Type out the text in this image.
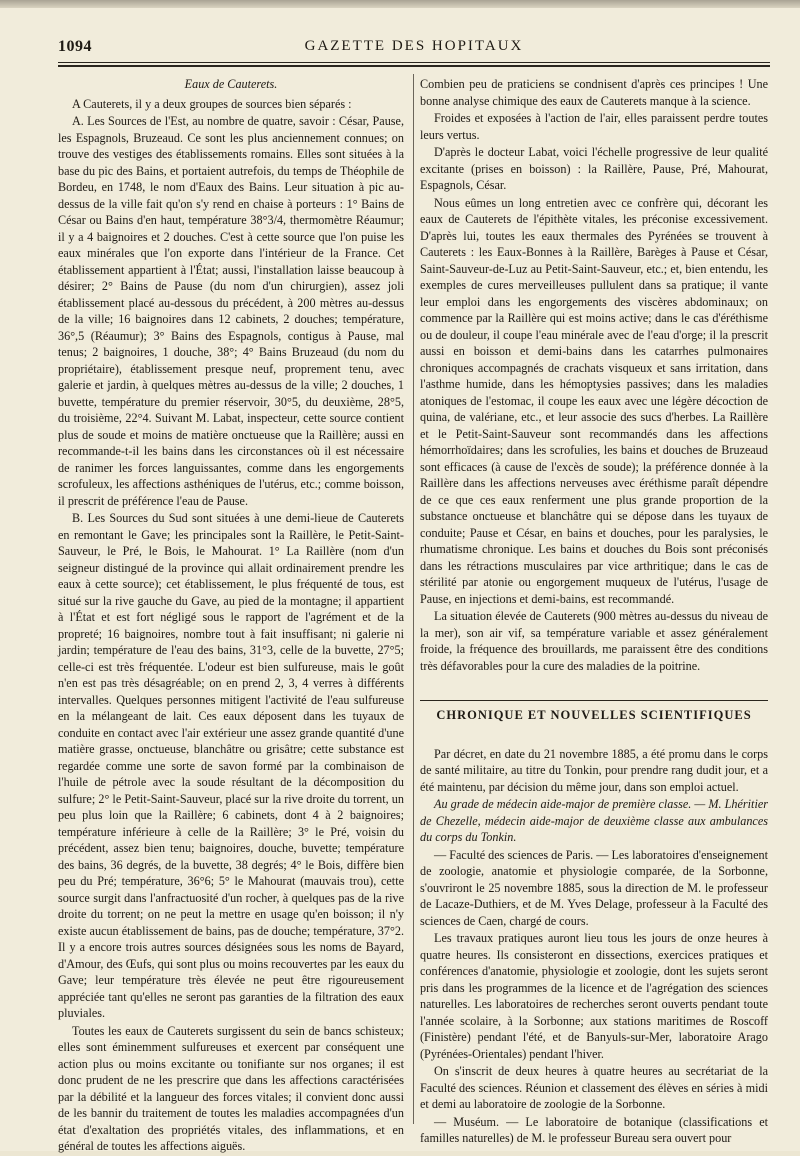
1094	GAZETTE DES HOPITAUX
Eaux de Cauterets.

A Cauterets, il y a deux groupes de sources bien séparés :

A. Les Sources de l'Est, au nombre de quatre, savoir : César, Pause, les Espagnols, Bruzeaud. Ce sont les plus anciennement connues; on trouve des vestiges des établissements romains. Elles sont situées à la base du pic des Bains, et portaient autrefois, du temps de Théophile de Bordeu, en 1748, le nom d'Eaux des Bains. Leur situation à pic au-dessus de la ville fait qu'on s'y rend en chaise à porteurs : 1° Bains de César ou Bains d'en haut, température 38°3/4, thermomètre Réaumur; il y a 4 baignoires et 2 douches. C'est à cette source que l'on puise les eaux minérales que l'on exporte dans l'intérieur de la France. Cet établissement appartient à l'État; aussi, l'installation laisse beaucoup à désirer; 2° Bains de Pause (du nom d'un chirurgien), assez joli établissement placé au-dessous du précédent, à 200 mètres au-dessus de la ville; 16 baignoires dans 12 cabinets, 2 douches; température, 36°,5 (Réaumur); 3° Bains des Espagnols, contigus à Pause, mal tenus; 2 baignoires, 1 douche, 38°; 4° Bains Bruzeaud (du nom du propriétaire), établissement presque neuf, proprement tenu, avec galerie et jardin, à quelques mètres au-dessus de la ville; 2 douches, 1 buvette, température du premier réservoir, 30°5, du deuxième, 28°5, du troisième, 22°4. Suivant M. Labat, inspecteur, cette source contient plus de soude et moins de matière onctueuse que la Raillère; aussi en recommande-t-il les bains dans les circonstances où il est nécessaire de ranimer les forces languissantes, comme dans les engorgements scrofuleux, les affections asthéniques de l'utérus, etc.; comme boisson, il prescrit de préférence l'eau de Pause.

B. Les Sources du Sud sont situées à une demi-lieue de Cauterets en remontant le Gave; les principales sont la Raillère, le Petit-Saint-Sauveur, le Pré, le Bois, le Mahourat. 1° La Raillère (nom d'un seigneur distingué de la province qui allait ordinairement prendre les eaux à cette source); cet établissement, le plus fréquenté de tous, est situé sur la rive gauche du Gave, au pied de la montagne; il appartient à l'État et est fort négligé sous le rapport de l'agrément et de la propreté; 16 baignoires, nombre tout à fait insuffisant; ni galerie ni jardin; température de l'eau des bains, 31°3, celle de la buvette, 27°5; celle-ci est très fréquentée. L'odeur est bien sulfureuse, mais le goût n'en est pas très désagréable; on en prend 2, 3, 4 verres à différents intervalles. Quelques personnes mitigent l'activité de l'eau sulfureuse en la mélangeant de lait. Ces eaux déposent dans les tuyaux de conduite en contact avec l'air extérieur une assez grande quantité d'une matière grasse, onctueuse, blanchâtre ou grisâtre; cette substance est regardée comme une sorte de savon formé par la combinaison de l'huile de pétrole avec la soude résultant de la décomposition du sulfure; 2° le Petit-Saint-Sauveur, placé sur la rive droite du torrent, un peu plus loin que la Raillère; 6 cabinets, dont 4 à 2 baignoires; température inférieure à celle de la Raillère; 3° le Pré, voisin du précédent, assez bien tenu; baignoires, douche, buvette; température des bains, 36 degrés, de la buvette, 38 degrés; 4° le Bois, diffère bien peu du Pré; température, 36°6; 5° le Mahourat (mauvais trou), cette source surgit dans l'anfractuosité d'un rocher, à quelques pas de la rive droite du torrent; on ne peut la mettre en usage qu'en boisson; il n'y existe aucun établissement de bains, pas de douche; température, 37°2. Il y a encore trois autres sources désignées sous les noms de Bayard, d'Amour, des Œufs, qui sont plus ou moins recouvertes par les eaux du Gave; leur température très élevée ne peut être rigoureusement appréciée tant qu'elles ne seront pas garanties de la filtration des eaux pluviales.

Toutes les eaux de Cauterets surgissent du sein de bancs schisteux; elles sont éminemment sulfureuses et exercent par conséquent une action plus ou moins excitante ou tonifiante sur nos organes; il est donc prudent de ne les prescrire que dans les affections caractérisées par la débilité et la langueur des forces vitales; il convient donc aussi de les bannir du traitement de toutes les maladies accompagnées d'un état d'exaltation des propriétés vitales, des inflammations, et en général de toutes les affections aiguës.

Combien peu de praticiens se condnisent d'après ces principes ! Une bonne analyse chimique des eaux de Cauterets manque à la science.

Froides et exposées à l'action de l'air, elles paraissent perdre toutes leurs vertus.

D'après le docteur Labat, voici l'échelle progressive de leur qualité excitante (prises en boisson) : la Raillère, Pause, Pré, Mahourat, Espagnols, César.

Nous eûmes un long entretien avec ce confrère qui, décorant les eaux de Cauterets de l'épithète vitales, les préconise excessivement. D'après lui, toutes les eaux thermales des Pyrénées se trouvent à Cauterets : les Eaux-Bonnes à la Raillère, Barèges à Pause et César, Saint-Sauveur-de-Luz au Petit-Saint-Sauveur, etc.; et, bien entendu, les exemples de cures merveilleuses pullulent dans sa pratique; il vante leur emploi dans les engorgements des viscères abdominaux; on commence par la Raillère qui est moins active; dans le cas d'éréthisme ou de douleur, il coupe l'eau minérale avec de l'eau d'orge; il la prescrit aussi en boisson et demi-bains dans les catarrhes pulmonaires chroniques accompagnés de crachats visqueux et sans irritation, dans l'asthme humide, dans les hémoptysies passives; dans les maladies atoniques de l'estomac, il coupe les eaux avec une légère décoction de quina, de valériane, etc., et leur associe des sucs d'herbes. La Raillère et le Petit-Saint-Sauveur sont recommandés dans les affections hémorrhoïdaires; dans les scrofulies, les bains et douches de Bruzeaud sont efficaces (à cause de l'excès de soude); la préférence donnée à la Raillère dans les affections nerveuses avec éréthisme paraît dépendre de ce que ces eaux renferment une plus grande proportion de la substance onctueuse et blanchâtre qui se dépose dans les tuyaux de conduite; Pause et César, en bains et douches, pour les paralysies, le rhumatisme chronique. Les bains et douches du Bois sont préconisés dans les rétractions musculaires par vice arthritique; dans le cas de stérilité par atonie ou engorgement muqueux de l'utérus, l'usage de Pause, en injections et demi-bains, est recommandé.

La situation élevée de Cauterets (900 mètres au-dessus du niveau de la mer), son air vif, sa température variable et assez généralement froide, la fréquence des brouillards, me paraissent être des conditions très défavorables pour la cure des maladies de la poitrine.

CHRONIQUE ET NOUVELLES SCIENTIFIQUES

Par décret, en date du 21 novembre 1885, a été promu dans le corps de santé militaire, au titre du Tonkin, pour prendre rang dudit jour, et a été maintenu, par décision du même jour, dans son emploi actuel.

Au grade de médecin aide-major de première classe. — M. Lhéritier de Chezelle, médecin aide-major de deuxième classe aux ambulances du corps du Tonkin.

— Faculté des sciences de Paris. — Les laboratoires d'enseignement de zoologie, anatomie et physiologie comparée, de la Sorbonne, s'ouvriront le 25 novembre 1885, sous la direction de M. le professeur de Lacaze-Duthiers, et de M. Yves Delage, professeur à la Faculté des sciences de Caen, chargé de cours.

Les travaux pratiques auront lieu tous les jours de onze heures à quatre heures. Ils consisteront en dissections, exercices pratiques et conférences d'anatomie, physiologie et zoologie, dont les sujets seront pris dans les programmes de la licence et de l'agrégation des sciences naturelles. Les laboratoires de recherches seront ouverts pendant toute l'année scolaire, à la Sorbonne; aux stations maritimes de Roscoff (Finistère) pendant l'été, et de Banyuls-sur-Mer, laboratoire Arago (Pyrénées-Orientales) pendant l'hiver.

On s'inscrit de deux heures à quatre heures au secrétariat de la Faculté des sciences. Réunion et classement des élèves en séries à midi et demi au laboratoire de zoologie de la Sorbonne.

— Muséum. — Le laboratoire de botanique (classifications et familles naturelles) de M. le professeur Bureau sera ouvert pour
